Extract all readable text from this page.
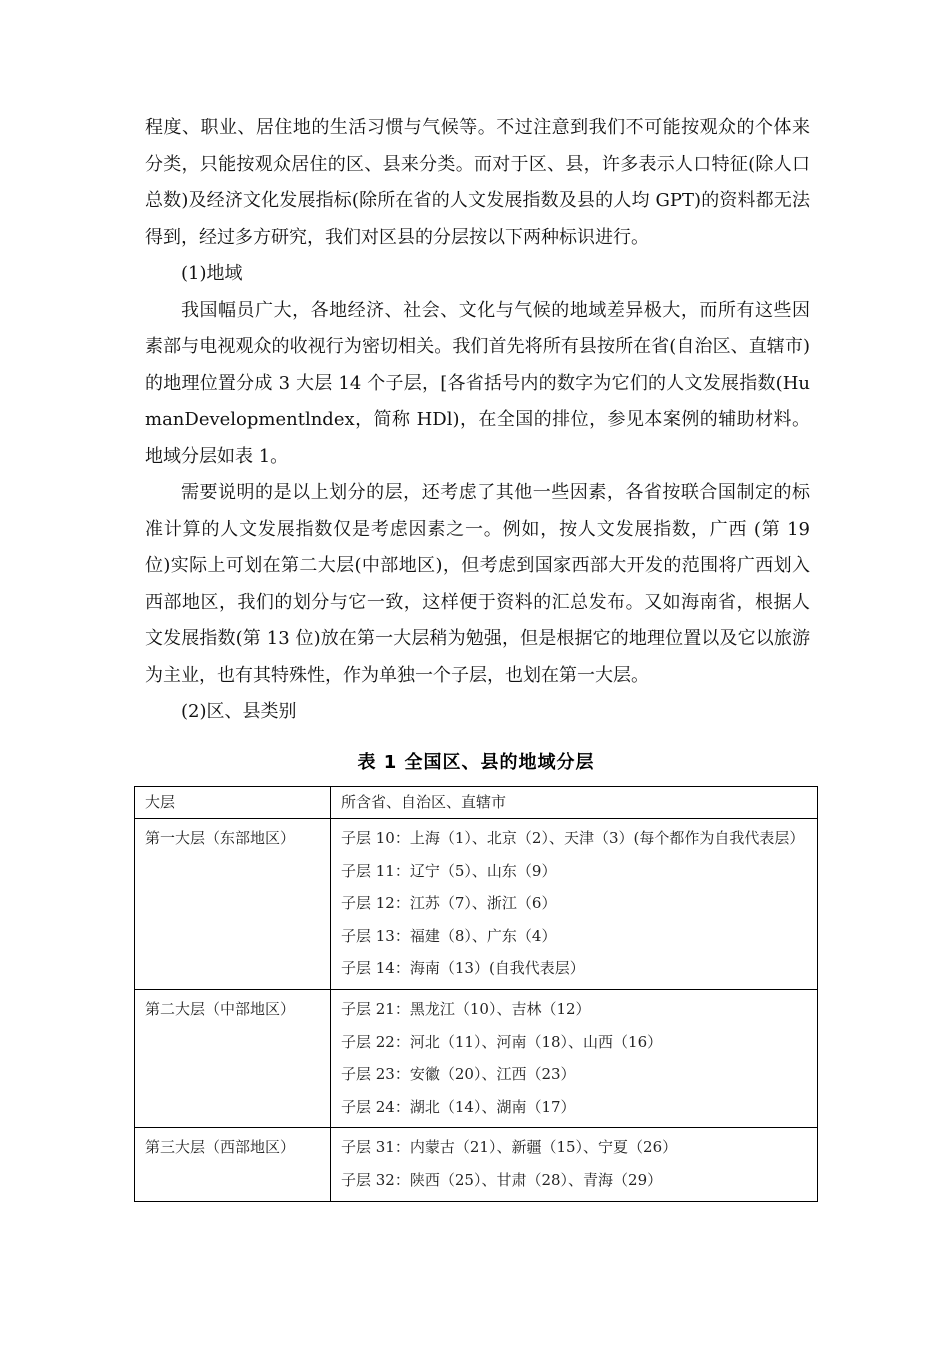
程度、职业、居住地的生活习惯与气候等。不过注意到我们不可能按观众的个体来分类，只能按观众居住的区、县来分类。而对于区、县，许多表示人口特征(除人口总数)及经济文化发展指标(除所在省的人文发展指数及县的人均 GPT)的资料都无法得到，经过多方研究，我们对区县的分层按以下两种标识进行。

(1)地域

我国幅员广大，各地经济、社会、文化与气候的地域差异极大，而所有这些因素部与电视观众的收视行为密切相关。我们首先将所有县按所在省(自治区、直辖市)的地理位置分成 3 大层 14 个子层，[各省括号内的数字为它们的人文发展指数(HumanDevelopmentlndex，简称 HDl)，在全国的排位，参见本案例的辅助材料。地域分层如表 1。

需要说明的是以上划分的层，还考虑了其他一些因素，各省按联合国制定的标准计算的人文发展指数仅是考虑因素之一。例如，按人文发展指数，广西 (第 19 位)实际上可划在第二大层(中部地区)，但考虑到国家西部大开发的范围将广西划入西部地区，我们的划分与它一致，这样便于资料的汇总发布。又如海南省，根据人文发展指数(第 13 位)放在第一大层稍为勉强，但是根据它的地理位置以及它以旅游为主业，也有其特殊性，作为单独一个子层，也划在第一大层。

(2)区、县类别

表 1 全国区、县的地域分层
大层	所含省、自治区、直辖市
第一大层（东部地区）	子层 10：上海（1）、北京（2）、天津（3）(每个都作为自我代表层）
子层 11：辽宁（5）、山东（9）
子层 12：江苏（7）、浙江（6）
子层 13：福建（8）、广东（4）
子层 14：海南（13）(自我代表层）

第二大层（中部地区）	子层 21：黑龙江（10）、吉林（12）
子层 22：河北（11）、河南（18）、山西（16）
子层 23：安徽（20）、江西（23）
子层 24：湖北（14）、湖南（17）

第三大层（西部地区）	子层 31：内蒙古（21）、新疆（15）、宁夏（26）
子层 32：陕西（25）、甘肃（28）、青海（29）
